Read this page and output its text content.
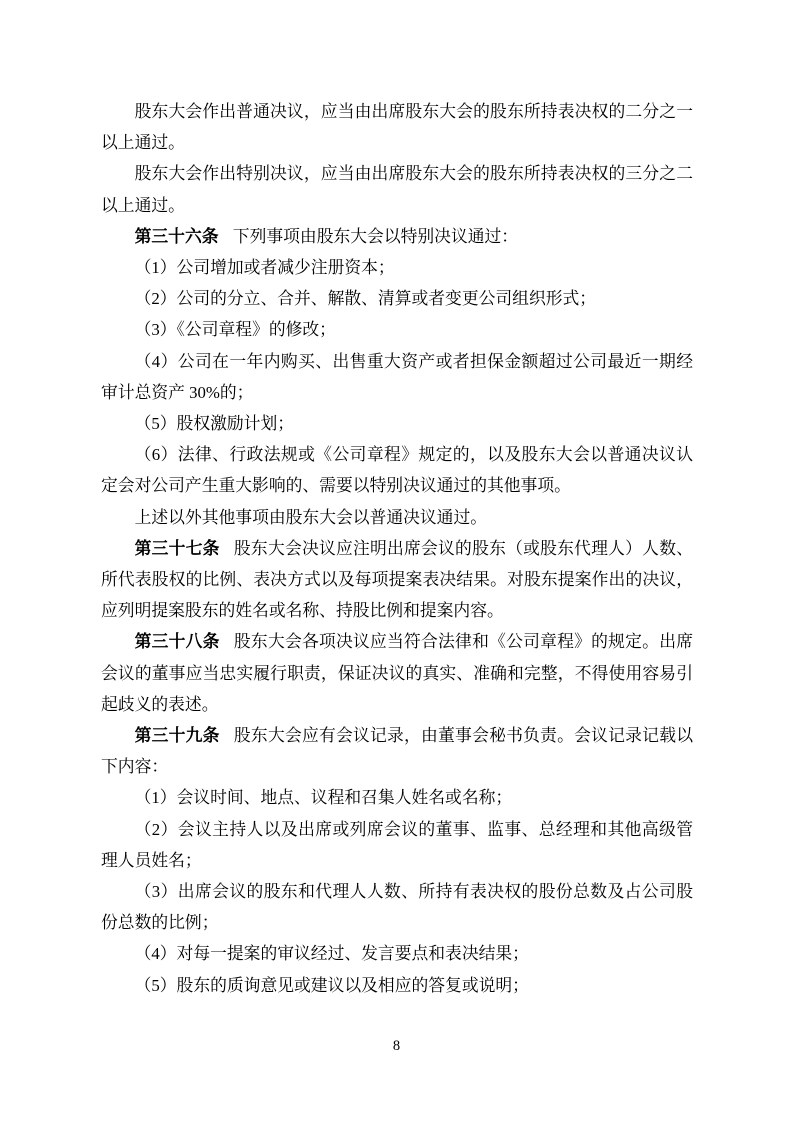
股东大会作出普通决议，应当由出席股东大会的股东所持表决权的二分之一以上通过。

股东大会作出特别决议，应当由出席股东大会的股东所持表决权的三分之二以上通过。

第三十六条 下列事项由股东大会以特别决议通过：

（1）公司增加或者减少注册资本；

（2）公司的分立、合并、解散、清算或者变更公司组织形式；

（3）《公司章程》的修改；

（4）公司在一年内购买、出售重大资产或者担保金额超过公司最近一期经审计总资产 30%的；

（5）股权激励计划；

（6）法律、行政法规或《公司章程》规定的，以及股东大会以普通决议认定会对公司产生重大影响的、需要以特别决议通过的其他事项。

上述以外其他事项由股东大会以普通决议通过。

第三十七条 股东大会决议应注明出席会议的股东（或股东代理人）人数、所代表股权的比例、表决方式以及每项提案表决结果。对股东提案作出的决议，应列明提案股东的姓名或名称、持股比例和提案内容。

第三十八条 股东大会各项决议应当符合法律和《公司章程》的规定。出席会议的董事应当忠实履行职责，保证决议的真实、准确和完整，不得使用容易引起歧义的表述。

第三十九条 股东大会应有会议记录，由董事会秘书负责。会议记录记载以下内容：

（1）会议时间、地点、议程和召集人姓名或名称；

（2）会议主持人以及出席或列席会议的董事、监事、总经理和其他高级管理人员姓名；

（3）出席会议的股东和代理人人数、所持有表决权的股份总数及占公司股份总数的比例；

（4）对每一提案的审议经过、发言要点和表决结果；

（5）股东的质询意见或建议以及相应的答复或说明；

8
